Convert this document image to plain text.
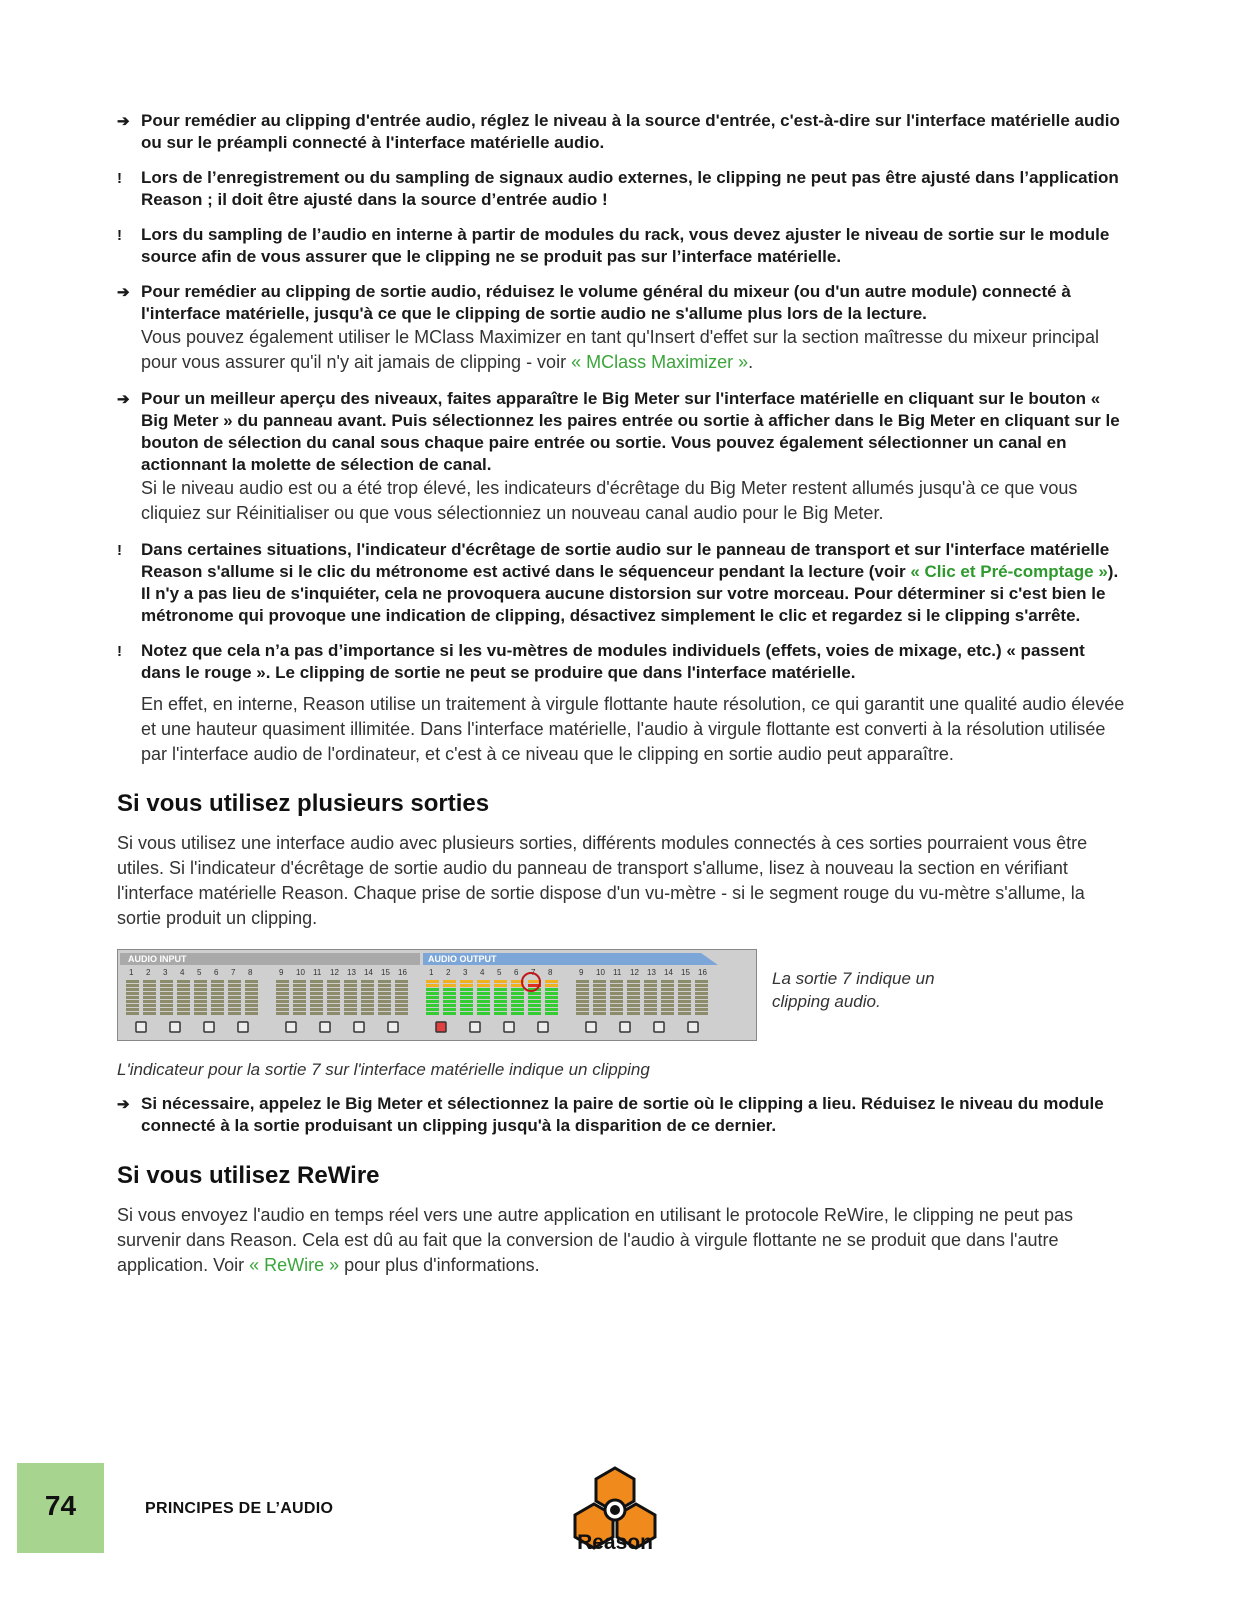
➔ Pour remédier au clipping d'entrée audio, réglez le niveau à la source d'entrée, c'est-à-dire sur l'interface matérielle audio ou sur le préampli connecté à l'interface matérielle audio.
!	Lors de l’enregistrement ou du sampling de signaux audio externes, le clipping ne peut pas être ajusté dans l’application Reason ; il doit être ajusté dans la source d’entrée audio !
!	Lors du sampling de l’audio en interne à partir de modules du rack, vous devez ajuster le niveau de sortie sur le module source afin de vous assurer que le clipping ne se produit pas sur l’interface matérielle.
➔ Pour remédier au clipping de sortie audio, réduisez le volume général du mixeur (ou d'un autre module) connecté à l'interface matérielle, jusqu'à ce que le clipping de sortie audio ne s'allume plus lors de la lecture.
Vous pouvez également utiliser le MClass Maximizer en tant qu'Insert d'effet sur la section maîtresse du mixeur principal pour vous assurer qu'il n'y ait jamais de clipping - voir « MClass Maximizer ».
➔ Pour un meilleur aperçu des niveaux, faites apparaître le Big Meter sur l'interface matérielle en cliquant sur le bouton « Big Meter » du panneau avant. Puis sélectionnez les paires entrée ou sortie à afficher dans le Big Meter en cliquant sur le bouton de sélection du canal sous chaque paire entrée ou sortie. Vous pouvez également sélectionner un canal en actionnant la molette de sélection de canal.
Si le niveau audio est ou a été trop élevé, les indicateurs d'écrêtage du Big Meter restent allumés jusqu'à ce que vous cliquiez sur Réinitialiser ou que vous sélectionniez un nouveau canal audio pour le Big Meter.
!	Dans certaines situations, l'indicateur d'écrêtage de sortie audio sur le panneau de transport et sur l'interface matérielle Reason s'allume si le clic du métronome est activé dans le séquenceur pendant la lecture (voir « Clic et Pré-comptage »). Il n'y a pas lieu de s'inquiéter, cela ne provoquera aucune distorsion sur votre morceau. Pour déterminer si c'est bien le métronome qui provoque une indication de clipping, désactivez simplement le clic et regardez si le clipping s'arrête.
!	Notez que cela n’a pas d’importance si les vu-mètres de modules individuels (effets, voies de mixage, etc.) « passent dans le rouge ». Le clipping de sortie ne peut se produire que dans l'interface matérielle.
En effet, en interne, Reason utilise un traitement à virgule flottante haute résolution, ce qui garantit une qualité audio élevée et une hauteur quasiment illimitée. Dans l'interface matérielle, l'audio à virgule flottante est converti à la résolution utilisée par l'interface audio de l'ordinateur, et c'est à ce niveau que le clipping en sortie audio peut apparaître.
Si vous utilisez plusieurs sorties
Si vous utilisez une interface audio avec plusieurs sorties, différents modules connectés à ces sorties pourraient vous être utiles. Si l'indicateur d'écrêtage de sortie audio du panneau de transport s'allume, lisez à nouveau la section en vérifiant l'interface matérielle Reason. Chaque prise de sortie dispose d'un vu-mètre - si le segment rouge du vu-mètre s'allume, la sortie produit un clipping.
AUDIO INPUT	AUDIO OUTPUT
1 2 3 4 5 6 7 8	9 10 11 12 13 14 15 16	1 2 3 4 5 6 7 8	9 10 11 12 13 14 15 16	La sortie 7 indique un clipping audio.
L'indicateur pour la sortie 7 sur l'interface matérielle indique un clipping
➔ Si nécessaire, appelez le Big Meter et sélectionnez la paire de sortie où le clipping a lieu. Réduisez le niveau du module connecté à la sortie produisant un clipping jusqu'à la disparition de ce dernier.
Si vous utilisez ReWire
Si vous envoyez l'audio en temps réel vers une autre application en utilisant le protocole ReWire, le clipping ne peut pas survenir dans Reason. Cela est dû au fait que la conversion de l'audio à virgule flottante ne se produit que dans l'autre application. Voir « ReWire » pour plus d'informations.
74	PRINCIPES DE L’AUDIO
Reason
